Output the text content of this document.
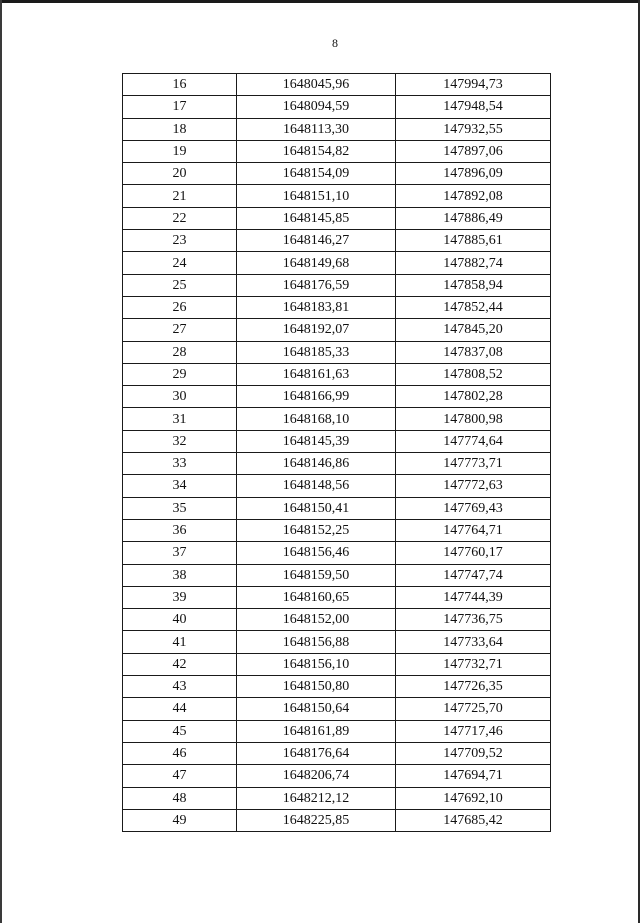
8
16	1648045,96	147994,73
17	1648094,59	147948,54
18	1648113,30	147932,55
19	1648154,82	147897,06
20	1648154,09	147896,09
21	1648151,10	147892,08
22	1648145,85	147886,49
23	1648146,27	147885,61
24	1648149,68	147882,74
25	1648176,59	147858,94
26	1648183,81	147852,44
27	1648192,07	147845,20
28	1648185,33	147837,08
29	1648161,63	147808,52
30	1648166,99	147802,28
31	1648168,10	147800,98
32	1648145,39	147774,64
33	1648146,86	147773,71
34	1648148,56	147772,63
35	1648150,41	147769,43
36	1648152,25	147764,71
37	1648156,46	147760,17
38	1648159,50	147747,74
39	1648160,65	147744,39
40	1648152,00	147736,75
41	1648156,88	147733,64
42	1648156,10	147732,71
43	1648150,80	147726,35
44	1648150,64	147725,70
45	1648161,89	147717,46
46	1648176,64	147709,52
47	1648206,74	147694,71
48	1648212,12	147692,10
49	1648225,85	147685,42
